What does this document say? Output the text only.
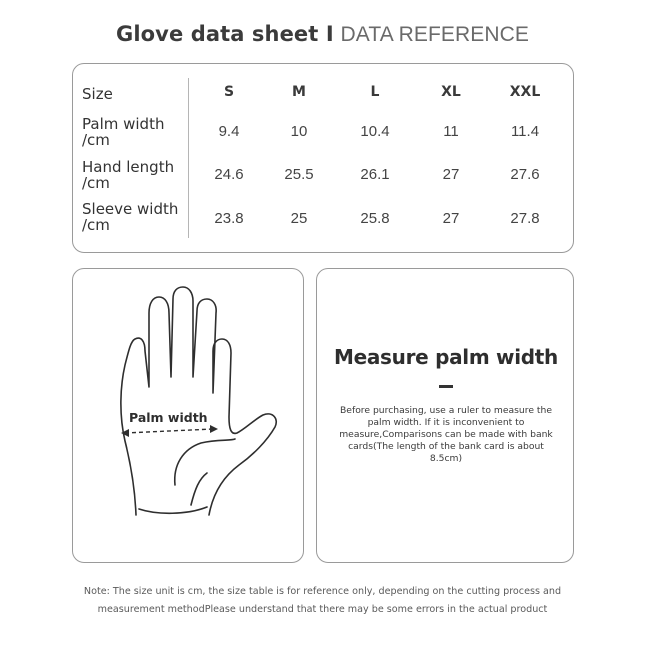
Glove data sheet I DATA REFERENCE
Size	S	M	L	XL	XXL
Palm width
/cm	9.4	10	10.4	11	11.4
Hand length
/cm	24.6	25.5	26.1	27	27.6
Sleeve width
/cm	23.8	25	25.8	27	27.8
Palm width
Measure palm width
Before purchasing, use a ruler to measure the palm width. If it is inconvenient to measure,Comparisons can be made with bank cards(The length of the bank card is about 8.5cm)
Note: The size unit is cm, the size table is for reference only, depending on the cutting process and
measurement methodPlease understand that there may be some errors in the actual product
